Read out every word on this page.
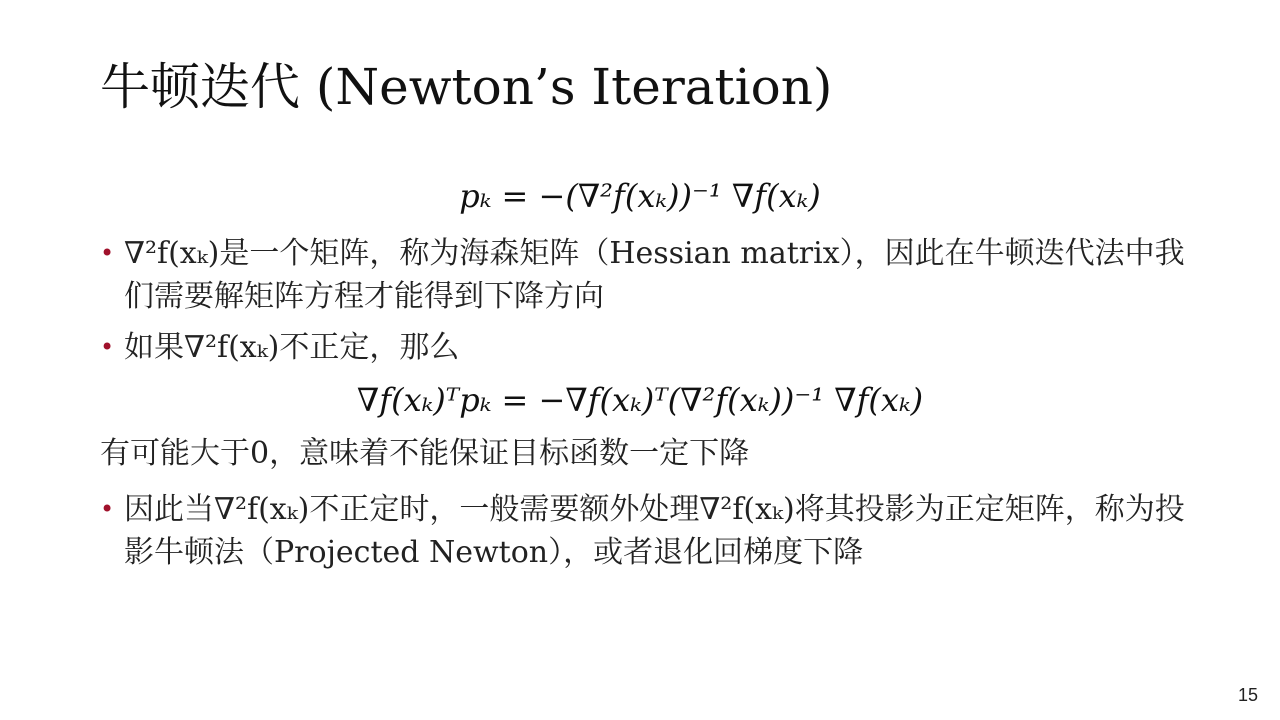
牛顿迭代 (Newton’s Iteration)
pₖ = −(∇²f(xₖ))⁻¹ ∇f(xₖ)
• ∇²f(xₖ)是一个矩阵，称为海森矩阵（Hessian matrix），因此在牛顿迭代法中我们需要解矩阵方程才能得到下降方向
• 如果∇²f(xₖ)不正定，那么
∇f(xₖ)ᵀpₖ = −∇f(xₖ)ᵀ(∇²f(xₖ))⁻¹ ∇f(xₖ)
有可能大于0，意味着不能保证目标函数一定下降
• 因此当∇²f(xₖ)不正定时，一般需要额外处理∇²f(xₖ)将其投影为正定矩阵，称为投影牛顿法（Projected Newton），或者退化回梯度下降
15
